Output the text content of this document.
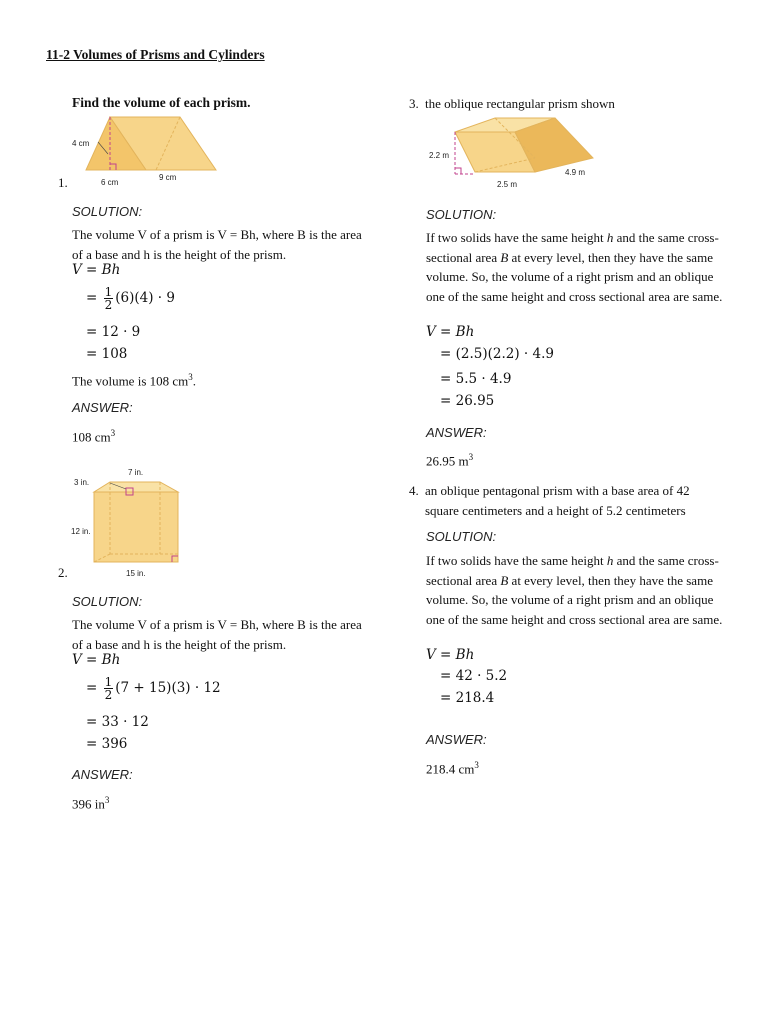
11-2 Volumes of Prisms and Cylinders
Find the volume of each prism.
4 cm
6 cm
9 cm
1.
SOLUTION:
The volume V of a prism is V = Bh, where B is the area of a base and h is the height of the prism.
V = Bh
= $\frac{1}{2} (6)(4) \cdot 9$
= 12 · 9
= 108
The volume is 108 $cm^3$.
ANSWER:
108 $cm^3$
7 in.
3 in.
12 in.
15 in.
2.
SOLUTION:
The volume V of a prism is V = Bh, where B is the area of a base and h is the height of the prism.
V = Bh
= $\frac{1}{2} (7 + 15)(3) \cdot 12$
= 33 · 12
= 396
ANSWER:
396 $in^3$
3. the oblique rectangular prism shown
2.2 m
2.5 m
4.9 m
SOLUTION:
If two solids have the same height h and the same cross-sectional area B at every level, then they have the same volume. So, the volume of a right prism and an oblique one of the same height and cross sectional area are same.
V = Bh
= (2.5)(2.2) · 4.9
= 5.5 · 4.9
= 26.95
ANSWER:
26.95 $m^3$
4. an oblique pentagonal prism with a base area of 42 square centimeters and a height of 5.2 centimeters
SOLUTION:
If two solids have the same height h and the same cross-sectional area B at every level, then they have the same volume. So, the volume of a right prism and an oblique one of the same height and cross sectional area are same.
V = Bh
= 42 · 5.2
= 218.4
ANSWER:
218.4 $cm^3$
